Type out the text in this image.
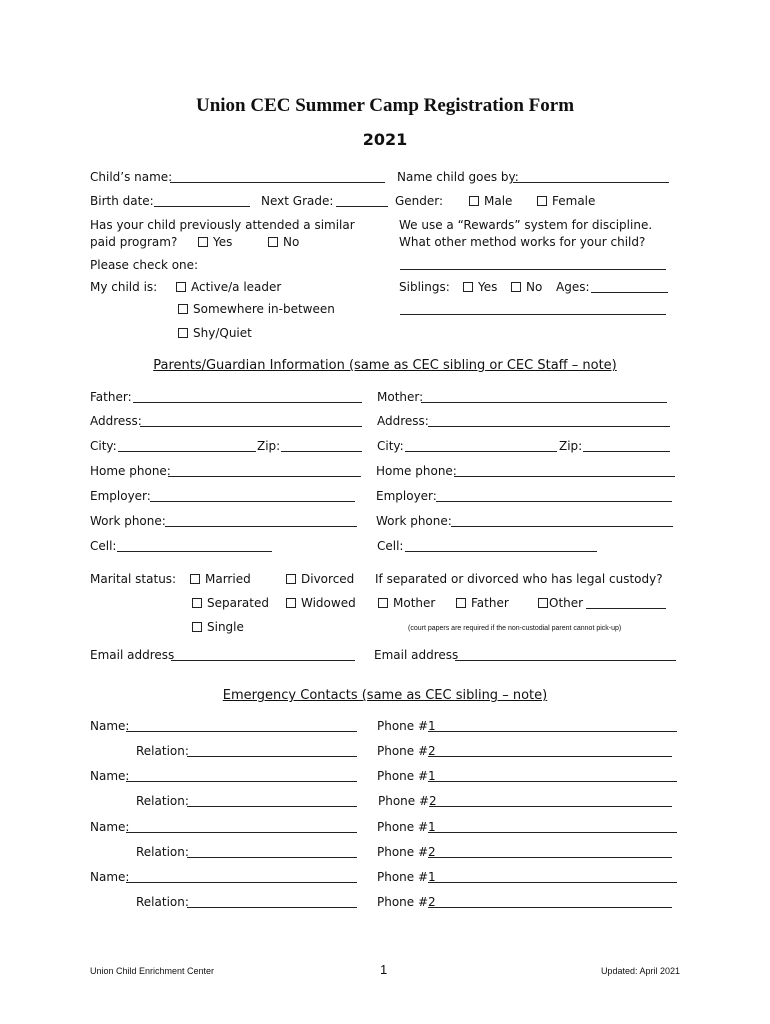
Union CEC Summer Camp Registration Form
2021
Child’s name:	Name child goes by:
Birth date:	Next Grade:	Gender:	Male	Female
Has your child previously attended a similar
paid program?	Yes	No
We use a “Rewards” system for discipline.
What other method works for your child?
Please check one:
My child is:	Active/a leader	Siblings:	Yes	No Ages:
Somewhere in-between
Shy/Quiet
Parents/Guardian Information (same as CEC sibling or CEC Staff – note)
Father:	Mother:
Address:	Address:
City:	Zip:	City:	Zip:
Home phone:	Home phone:
Employer:	Employer:
Work phone:	Work phone:
Cell:	Cell:
Marital status:	Married	Divorced If separated or divorced who has legal custody?
Separated	Widowed	Mother	Father	Other
Single	(court papers are required if the non-custodial parent cannot pick-up)
Email address	Email address
Emergency Contacts (same as CEC sibling – note)
Name:	Phone #1
Relation:	Phone #2
Name:	Phone #1
Relation:	Phone #2
Name:	Phone #1
Relation:	Phone #2
Name:	Phone #1
Relation:	Phone #2
Union Child Enrichment Center	1	Updated: April 2021
